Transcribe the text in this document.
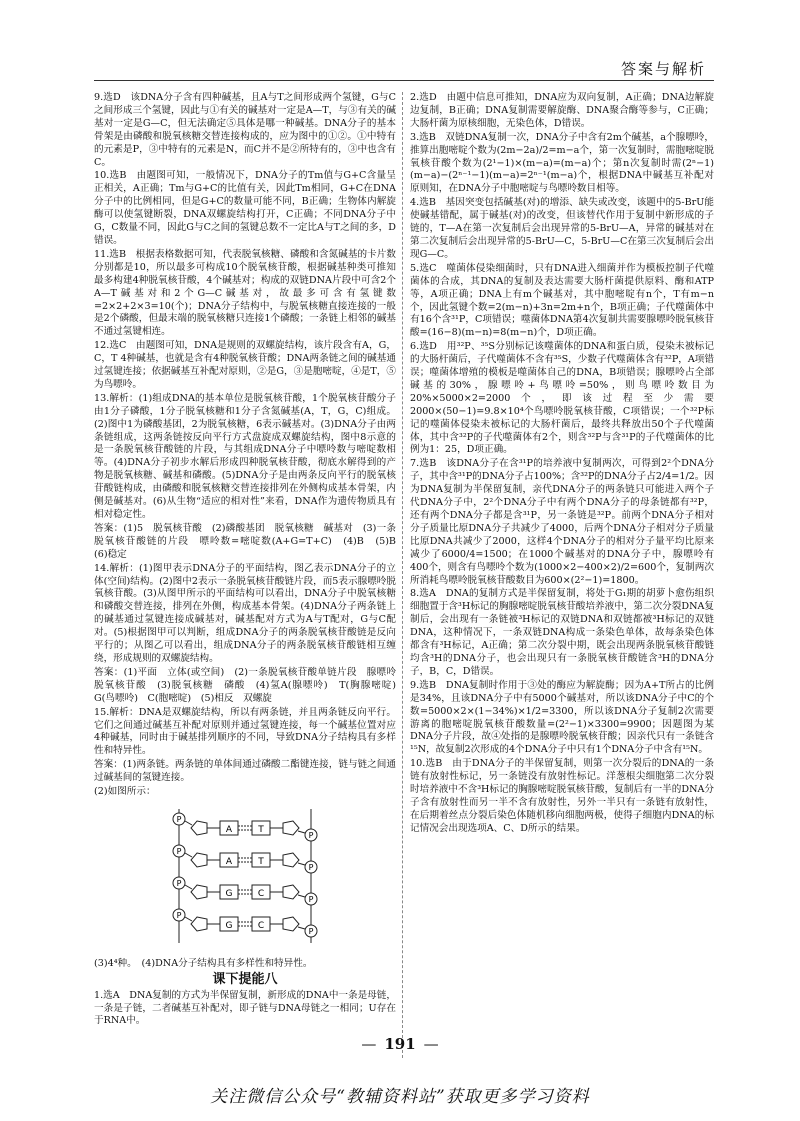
答案与解析
9.选D　该DNA分子含有四种碱基，且A与T之间形成两个氢键，G与C之间形成三个氢键，因此与①有关的碱基对一定是A—T，与③有关的碱基对一定是G—C，但无法确定⑤具体是哪一种碱基。DNA分子的基本骨架是由磷酸和脱氧核糖交替连接构成的，应为图中的①②。①中特有的元素是P，③中特有的元素是N，而C并不是②所特有的，③中也含有C。
10.选B　由题图可知，一般情况下，DNA分子的Tm值与G+C含量呈正相关，A正确；Tm与G+C的比值有关，因此Tm相同，G+C在DNA分子中的比例相同，但是G+C的数量可能不同，B正确；生物体内解旋酶可以使氢键断裂，DNA双螺旋结构打开，C正确；不同DNA分子中G，C数量不同，因此G与C之间的氢键总数不一定比A与T之间的多，D错误。
11.选B　根据表格数据可知，代表脱氧核糖、磷酸和含氮碱基的卡片数分别都是10，所以最多可构成10个脱氧核苷酸，根据碱基种类可推知最多构建4种脱氧核苷酸，4个碱基对；构成的双链DNA片段中可含2个A—T碱基对和2个G—C碱基对，故最多可含有氢键数=2×2+2×3=10(个)；DNA分子结构中，与脱氧核糖直接连接的一般是2个磷酸，但最末端的脱氧核糖只连接1个磷酸；一条链上相邻的碱基不通过氢键相连。
12.选C　由题图可知，DNA是规则的双螺旋结构，该片段含有A，G，C，T 4种碱基，也就是含有4种脱氧核苷酸；DNA两条链之间的碱基通过氢键连接；依据碱基互补配对原则，②是G，③是胞嘧啶，④是T，⑤为鸟嘌呤。
13.解析：(1)组成DNA的基本单位是脱氧核苷酸，1个脱氧核苷酸分子由1分子磷酸，1分子脱氧核糖和1分子含氮碱基(A，T，G，C)组成。(2)图中1为磷酸基团，2为脱氧核糖，6表示碱基对。(3)DNA分子由两条链组成，这两条链按反向平行方式盘旋成双螺旋结构，图中8示意的是一条脱氧核苷酸链的片段，与其组成DNA分子中嘌呤数与嘧啶数相等。(4)DNA分子初步水解后形成四种脱氧核苷酸，彻底水解得到的产物是脱氧核糖、碱基和磷酸。(5)DNA分子是由两条反向平行的脱氧核苷酸链构成，由磷酸和脱氧核糖交替连接排列在外侧构成基本骨架，内侧是碱基对。(6)从生物“适应的相对性”来看，DNA作为遗传物质具有相对稳定性。
答案：(1)5　脱氧核苷酸　(2)磷酸基团　脱氧核糖　碱基对　(3)一条脱氧核苷酸链的片段　嘌呤数=嘧啶数(A+G=T+C)　(4)B　(5)B　(6)稳定
14.解析：(1)图甲表示DNA分子的平面结构，图乙表示DNA分子的立体(空间)结构。(2)图中2表示一条脱氧核苷酸链片段，而5表示腺嘌呤脱氧核苷酸。(3)从图甲所示的平面结构可以看出，DNA分子中脱氧核糖和磷酸交替连接，排列在外侧，构成基本骨架。(4)DNA分子两条链上的碱基通过氢键连接成碱基对，碱基配对方式为A与T配对，G与C配对。(5)根据图甲可以判断，组成DNA分子的两条脱氧核苷酸链是反向平行的；从图乙可以看出，组成DNA分子的两条脱氧核苷酸链相互缠绕，形成规则的双螺旋结构。
答案：(1)平面　立体(或空间)　(2)一条脱氧核苷酸单链片段　腺嘌呤脱氧核苷酸　(3)脱氧核糖　磷酸　(4)氢A(腺嘌呤)　T(胸腺嘧啶)　G(鸟嘌呤)　C(胞嘧啶)　(5)相反　双螺旋
15.解析：DNA是双螺旋结构，所以有两条链，并且两条链反向平行。它们之间通过碱基互补配对原则并通过氢键连接，每一个碱基位置对应4种碱基，同时由于碱基排列顺序的不同，导致DNA分子结构具有多样性和特异性。
答案：(1)两条链。两条链的单体间通过磷酸二酯键连接，链与链之间通过碱基间的氢键连接。
(2)如图所示：
P
P
A	T
P
P
A	T
P
P
G	C
P
P
G	C
(3)4⁴种。　(4)DNA分子结构具有多样性和特异性。
课下提能八
1.选A　DNA复制的方式为半保留复制，新形成的DNA中一条是母链，一条是子链，二者碱基互补配对，即子链与DNA母链之一相同；U存在于RNA中。
2.选D　由题中信息可推知，DNA应为双向复制，A正确；DNA边解旋边复制，B正确；DNA复制需要解旋酶、DNA聚合酶等参与，C正确；大肠杆菌为原核细胞，无染色体，D错误。
3.选B　双链DNA复制一次，DNA分子中含有2m个碱基，a个腺嘌呤，推算出胞嘧啶个数为(2m−2a)/2=m−a个，第一次复制时，需胞嘧啶脱氧核苷酸个数为(2¹−1)×(m−a)=(m−a)个；第n次复制时需(2ⁿ−1)(m−a)−(2ⁿ⁻¹−1)(m−a)=2ⁿ⁻¹(m−a)个，根据DNA中碱基互补配对原则知，在DNA分子中胞嘧啶与鸟嘌呤数目相等。
4.选B　基因突变包括碱基(对)的增添、缺失或改变，该题中的5-BrU能使碱基错配，属于碱基(对)的改变，但该替代作用于复制中新形成的子链的，T—A在第一次复制后会出现异常的5-BrU—A，异常的碱基对在第二次复制后会出现异常的5-BrU—C，5-BrU—C在第三次复制后会出现G—C。
5.选C　噬菌体侵染细菌时，只有DNA进入细菌并作为模板控制子代噬菌体的合成，其DNA的复制及表达需要大肠杆菌提供原料、酶和ATP等，A项正确；DNA上有m个碱基对，其中胞嘧啶有n个，T有m−n个，因此氢键个数=2(m−n)+3n=2m+n个，B项正确；子代噬菌体中有16个含³¹P，C项错误；噬菌体DNA第4次复制共需要腺嘌呤脱氧核苷酸=(16−8)(m−n)=8(m−n)个，D项正确。
6.选D　用³²P、³⁵S分别标记该噬菌体的DNA和蛋白质，侵染未被标记的大肠杆菌后，子代噬菌体不含有³⁵S，少数子代噬菌体含有³²P，A项错误；噬菌体增殖的模板是噬菌体自己的DNA，B项错误；腺嘌呤占全部碱基的30%，腺嘌呤+鸟嘌呤=50%，则鸟嘌呤数目为20%×5000×2=2000个，即该过程至少需要2000×(50−1)=9.8×10⁴个鸟嘌呤脱氧核苷酸，C项错误；一个³²P标记的噬菌体侵染未被标记的大肠杆菌后，最终共释放出50个子代噬菌体，其中含³²P的子代噬菌体有2个，则含³²P与含³¹P的子代噬菌体的比例为1：25，D项正确。
7.选B　该DNA分子在含³¹P的培养液中复制两次，可得到2²个DNA分子，其中含³¹P的DNA分子占100%；含³²P的DNA分子占2/4=1/2。因为DNA复制为半保留复制，亲代DNA分子的两条链只可能进入两个子代DNA分子中，2²个DNA分子中有两个DNA分子的母条链都有³²P，还有两个DNA分子都是含³¹P，另一条链是³²P。前两个DNA分子相对分子质量比原DNA分子共减少了4000，后两个DNA分子相对分子质量比原DNA共减少了2000，这样4个DNA分子的相对分子量平均比原来减少了6000/4=1500；在1000个碱基对的DNA分子中，腺嘌呤有400个，则含有鸟嘌呤个数为(1000×2−400×2)/2=600个，复制两次所消耗鸟嘌呤脱氧核苷酸数目为600×(2²−1)=1800。
8.选A　DNA的复制方式是半保留复制，将处于G₁期的胡萝卜愈伤组织细胞置于含³H标记的胸腺嘧啶脱氧核苷酸培养液中，第二次分裂DNA复制后，会出现有一条链被³H标记的双链DNA和双链都被³H标记的双链DNA，这种情况下，一条双链DNA构成一条染色单体，故每条染色体都含有³H标记，A正确；第二次分裂中期，既会出现两条脱氧核苷酸链均含³H的DNA分子，也会出现只有一条脱氧核苷酸链含³H的DNA分子，B，C，D错误。
9.选B　DNA复制时作用于③处的酶应为解旋酶；因为A+T所占的比例是34%，且该DNA分子中有5000个碱基对，所以该DNA分子中C的个数=5000×2×(1−34%)×1/2=3300，所以该DNA分子复制2次需要游离的胞嘧啶脱氧核苷酸数量=(2²−1)×3300=9900；因题图为某DNA分子片段，故④处指的是腺嘌呤脱氧核苷酸；因亲代只有一条链含¹⁵N，故复制2次形成的4个DNA分子中只有1个DNA分子中含有¹⁵N。
10.选B　由于DNA分子的半保留复制，则第一次分裂后的DNA的一条链有放射性标记，另一条链没有放射性标记。洋葱根尖细胞第二次分裂时培养液中不含³H标记的胸腺嘧啶脱氧核苷酸，复制后有一半的DNA分子含有放射性而另一半不含有放射性，另外一半只有一条链有放射性，在后期着丝点分裂后染色体随机移向细胞两极，使得子细胞内DNA的标记情况会出现选项A、C、D所示的结果。
— 191 —
关注微信公众号“教辅资料站”获取更多学习资料
